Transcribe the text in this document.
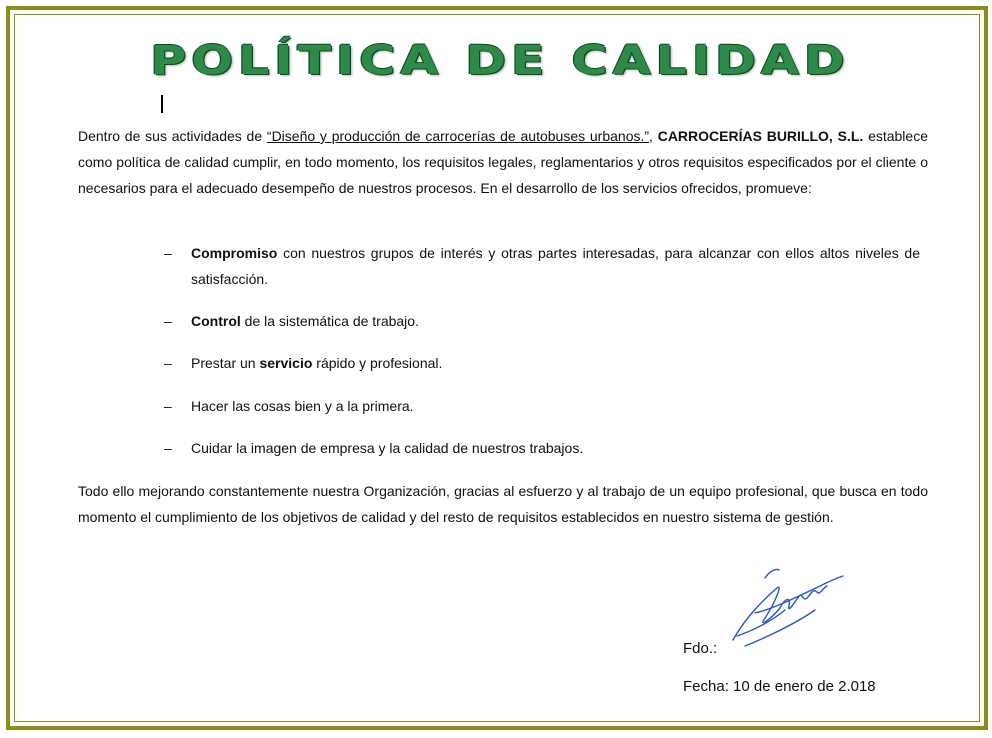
POLÍTICA DE CALIDAD

Dentro de sus actividades de “Diseño y producción de carrocerías de autobuses urbanos.”, CARROCERÍAS BURILLO, S.L. establece como política de calidad cumplir, en todo momento, los requisitos legales, reglamentarios y otros requisitos especificados por el cliente o necesarios para el adecuado desempeño de nuestros procesos. En el desarrollo de los servicios ofrecidos, promueve:

– Compromiso con nuestros grupos de interés y otras partes interesadas, para alcanzar con ellos altos niveles de satisfacción.
– Control de la sistemática de trabajo.
– Prestar un servicio rápido y profesional.
– Hacer las cosas bien y a la primera.
– Cuidar la imagen de empresa y la calidad de nuestros trabajos.

Todo ello mejorando constantemente nuestra Organización, gracias al esfuerzo y al trabajo de un equipo profesional, que busca en todo momento el cumplimiento de los objetivos de calidad y del resto de requisitos establecidos en nuestro sistema de gestión.

Fdo.:
Fecha: 10 de enero de 2.018
